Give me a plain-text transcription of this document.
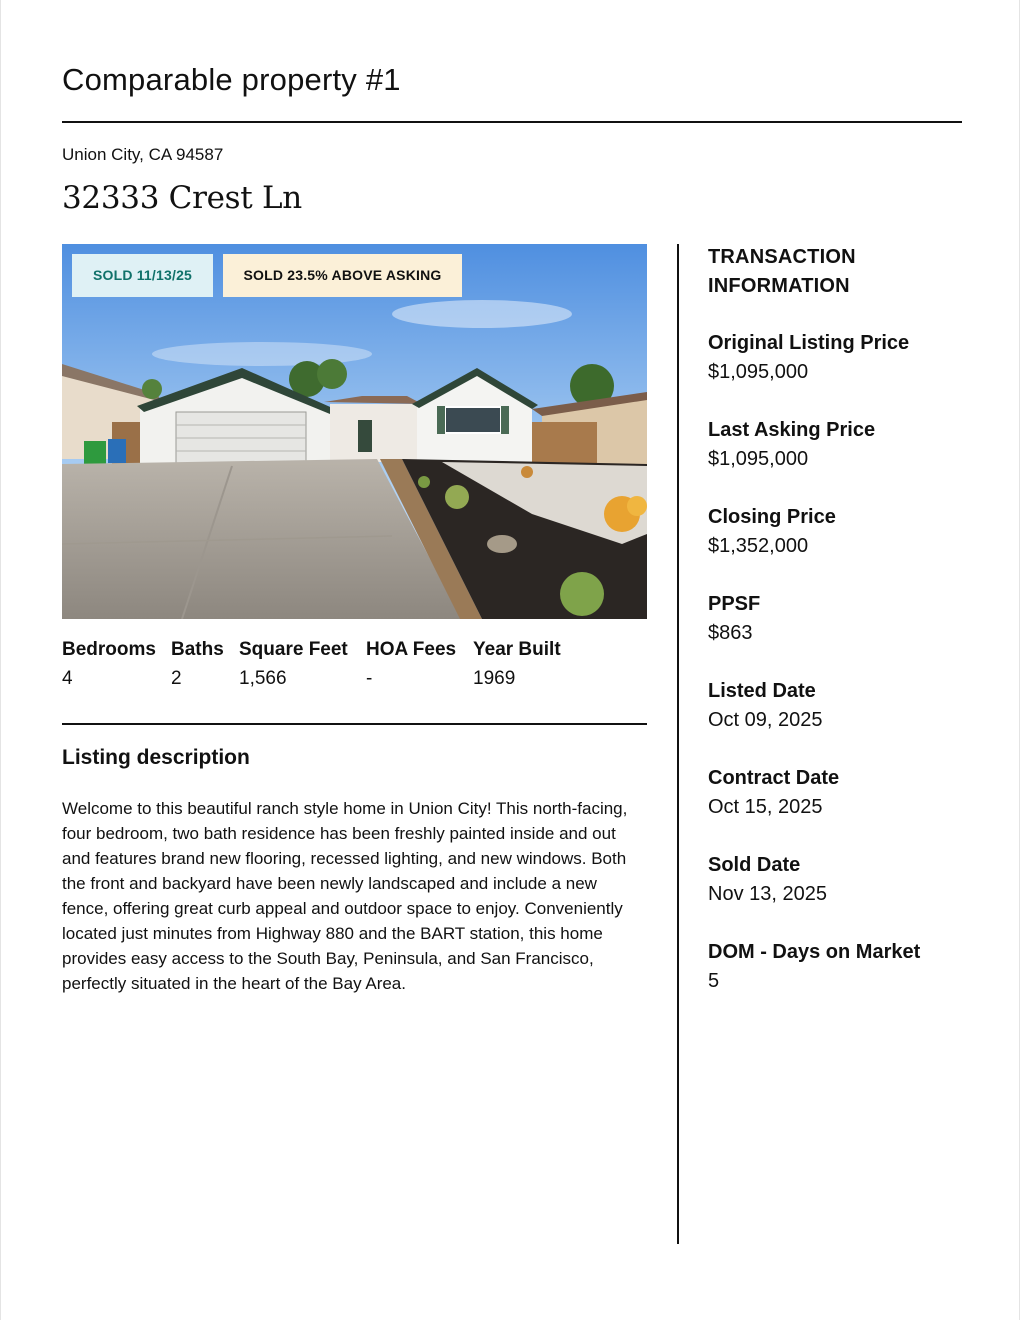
Comparable property #1
Union City, CA 94587
32333 Crest Ln
SOLD 11/13/25	SOLD 23.5% ABOVE ASKING
Bedrooms
4
Baths
2
Square Feet
1,566
HOA Fees
-
Year Built
1969
Listing description

Welcome to this beautiful ranch style home in Union City! This north-facing, four bedroom, two bath residence has been freshly painted inside and out and features brand new flooring, recessed lighting, and new windows. Both the front and backyard have been newly landscaped and include a new fence, offering great curb appeal and outdoor space to enjoy. Conveniently located just minutes from Highway 880 and the BART station, this home provides easy access to the South Bay, Peninsula, and San Francisco, perfectly situated in the heart of the Bay Area.

TRANSACTION
INFORMATION
Original Listing Price
$1,095,000
Last Asking Price
$1,095,000
Closing Price
$1,352,000
PPSF
$863
Listed Date
Oct 09, 2025
Contract Date
Oct 15, 2025
Sold Date
Nov 13, 2025
DOM - Days on Market
5
